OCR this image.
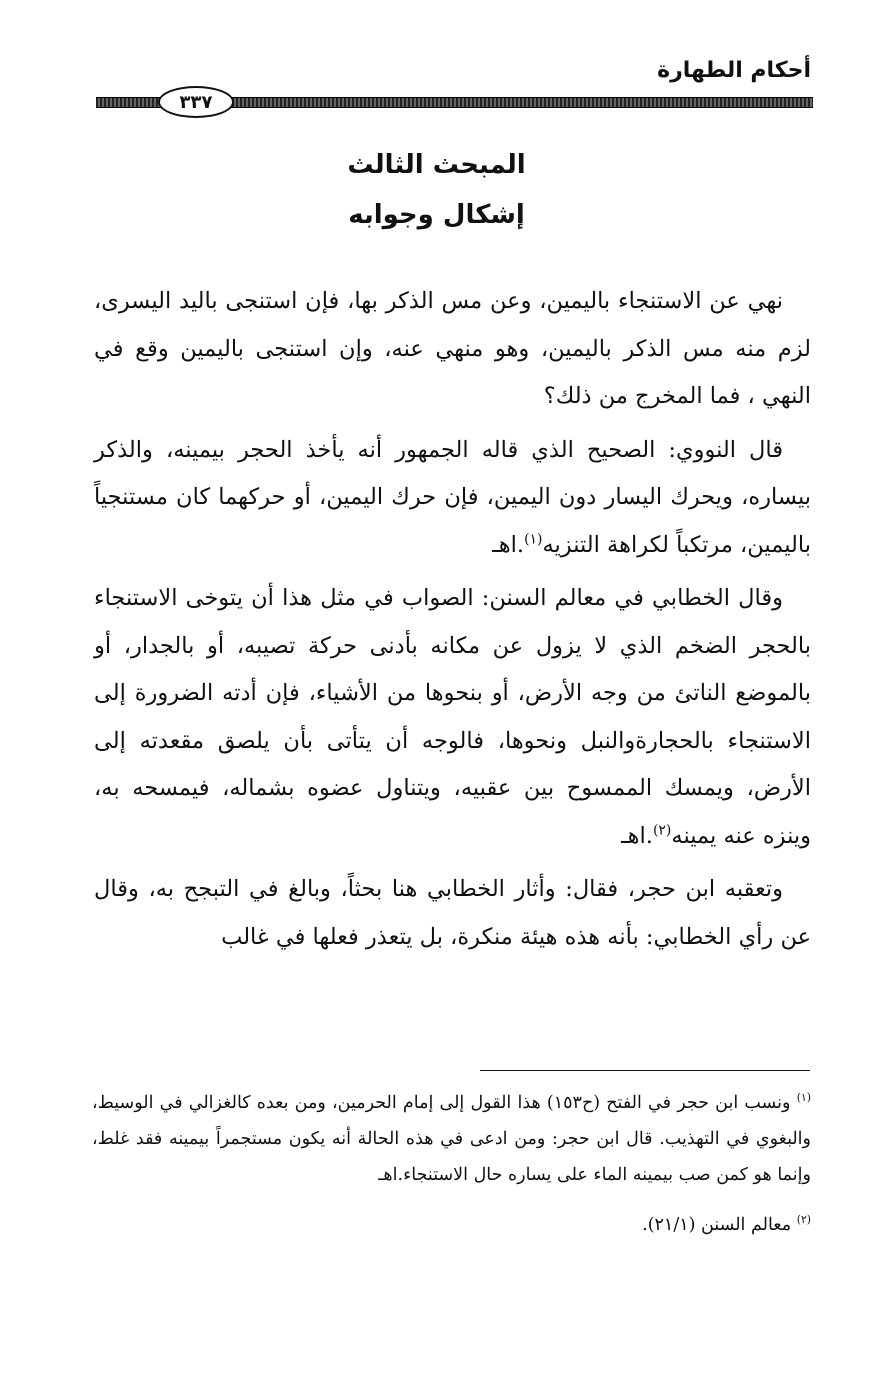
أحكام الطهارة
٣٣٧
المبحث الثالث
إشكال وجوابه

نهي عن الاستنجاء باليمين، وعن مس الذكر بها، فإن استنجى باليد اليسرى، لزم منه مس الذكر باليمين، وهو منهي عنه، وإن استنجى باليمين وقع في النهي ، فما المخرج من ذلك؟

قال النووي: الصحيح الذي قاله الجمهور أنه يأخذ الحجر بيمينه، والذكر بيساره، ويحرك اليسار دون اليمين، فإن حرك اليمين، أو حركهما كان مستنجياً باليمين، مرتكباً لكراهة التنزيه$^{(١)}$.اهـ

وقال الخطابي في معالم السنن: الصواب في مثل هذا أن يتوخى الاستنجاء بالحجر الضخم الذي لا يزول عن مكانه بأدنى حركة تصيبه، أو بالجدار، أو بالموضع الناتئ من وجه الأرض، أو بنحوها من الأشياء، فإن أدته الضرورة إلى الاستنجاء بالحجارةوالنبل ونحوها، فالوجه أن يتأتى بأن يلصق مقعدته إلى الأرض، ويمسك الممسوح بين عقبيه، ويتناول عضوه بشماله، فيمسحه به، وينزه عنه يمينه$^{(٢)}$.اهـ

وتعقبه ابن حجر، فقال: وأثار الخطابي هنا بحثاً، وبالغ في التبجح به، وقال عن رأي الخطابي: بأنه هذه هيئة منكرة، بل يتعذر فعلها في غالب

$^{(١)}$ ونسب ابن حجر في الفتح (ح١٥٣) هذا القول إلى إمام الحرمين، ومن بعده كالغزالي في الوسيط، والبغوي في التهذيب. قال ابن حجر: ومن ادعى في هذه الحالة أنه يكون مستجمراً بيمينه فقد غلط، وإنما هو كمن صب بيمينه الماء على يساره حال الاستنجاء.اهـ

$^{(٢)}$ معالم السنن (٢١/١).
